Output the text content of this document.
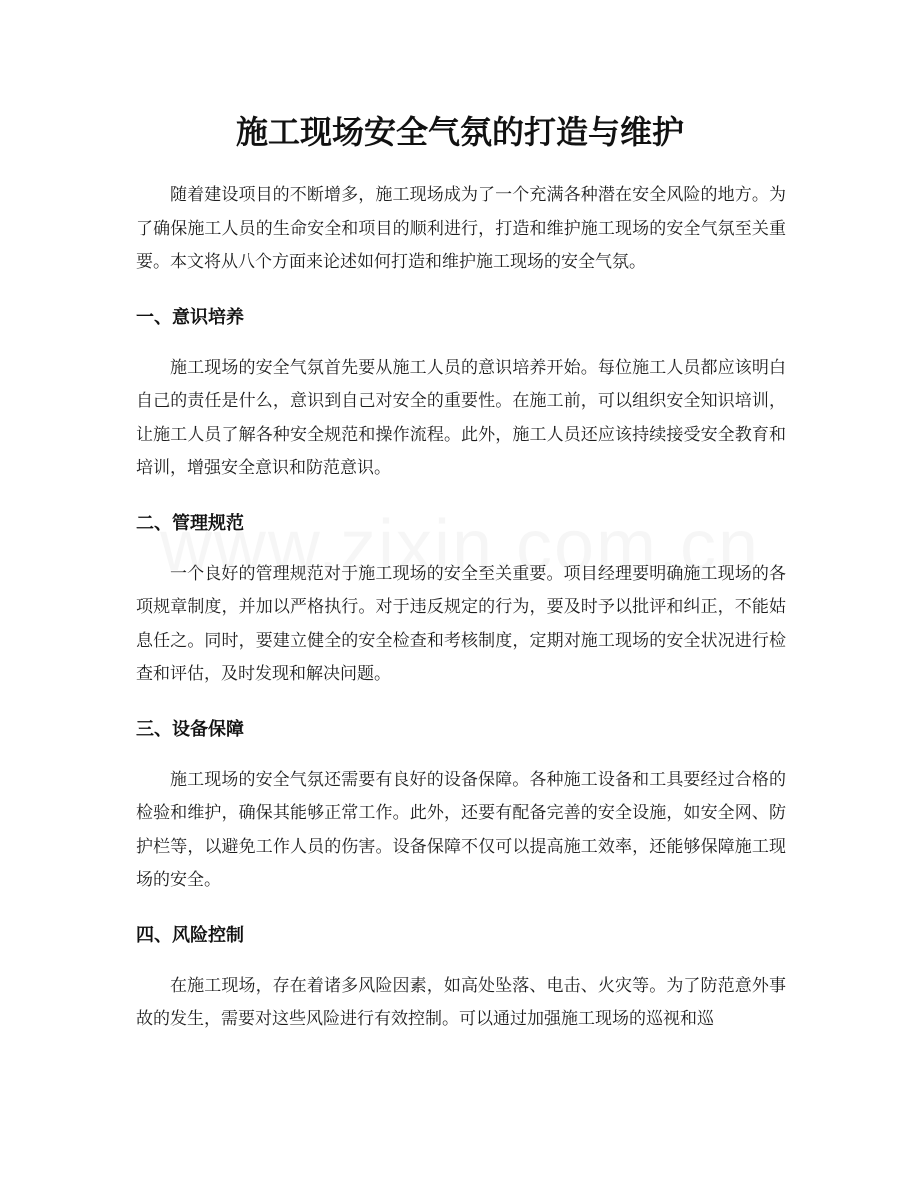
施工现场安全气氛的打造与维护

随着建设项目的不断增多，施工现场成为了一个充满各种潜在安全风险的地方。为了确保施工人员的生命安全和项目的顺利进行，打造和维护施工现场的安全气氛至关重要。本文将从八个方面来论述如何打造和维护施工现场的安全气氛。

一、意识培养

施工现场的安全气氛首先要从施工人员的意识培养开始。每位施工人员都应该明白自己的责任是什么，意识到自己对安全的重要性。在施工前，可以组织安全知识培训，让施工人员了解各种安全规范和操作流程。此外，施工人员还应该持续接受安全教育和培训，增强安全意识和防范意识。

二、管理规范

一个良好的管理规范对于施工现场的安全至关重要。项目经理要明确施工现场的各项规章制度，并加以严格执行。对于违反规定的行为，要及时予以批评和纠正，不能姑息任之。同时，要建立健全的安全检查和考核制度，定期对施工现场的安全状况进行检查和评估，及时发现和解决问题。

三、设备保障

施工现场的安全气氛还需要有良好的设备保障。各种施工设备和工具要经过合格的检验和维护，确保其能够正常工作。此外，还要有配备完善的安全设施，如安全网、防护栏等，以避免工作人员的伤害。设备保障不仅可以提高施工效率，还能够保障施工现场的安全。

四、风险控制

在施工现场，存在着诸多风险因素，如高处坠落、电击、火灾等。为了防范意外事故的发生，需要对这些风险进行有效控制。可以通过加强施工现场的巡视和巡
